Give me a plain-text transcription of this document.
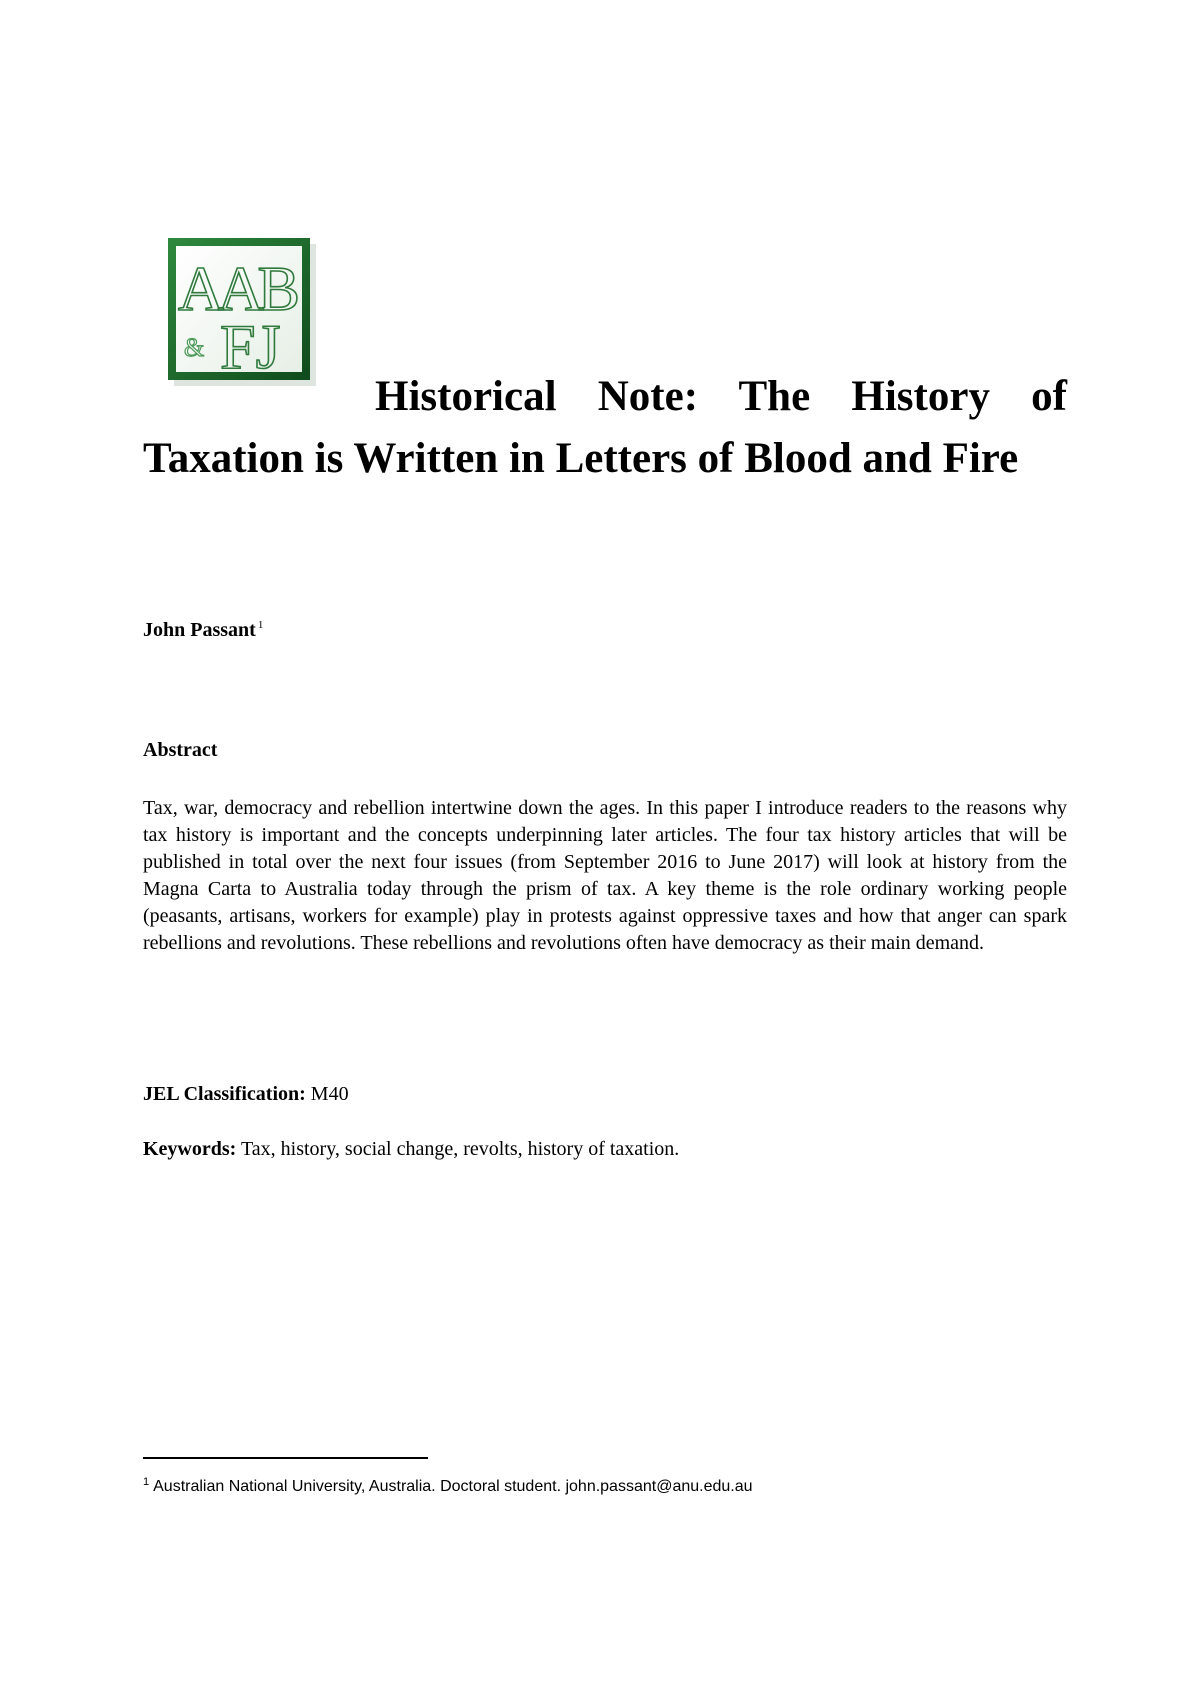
AAB
& FJ
Historical Note: The History of Taxation is Written in Letters of Blood and Fire
John Passant $^1$
Abstract

Tax, war, democracy and rebellion intertwine down the ages. In this paper I introduce readers to the reasons why tax history is important and the concepts underpinning later articles. The four tax history articles that will be published in total over the next four issues (from September 2016 to June 2017) will look at history from the Magna Carta to Australia today through the prism of tax. A key theme is the role ordinary working people (peasants, artisans, workers for example) play in protests against oppressive taxes and how that anger can spark rebellions and revolutions. These rebellions and revolutions often have democracy as their main demand.

JEL Classification: M40
Keywords: Tax, history, social change, revolts, history of taxation.
$^1$ Australian National University, Australia. Doctoral student. john.passant@anu.edu.au
